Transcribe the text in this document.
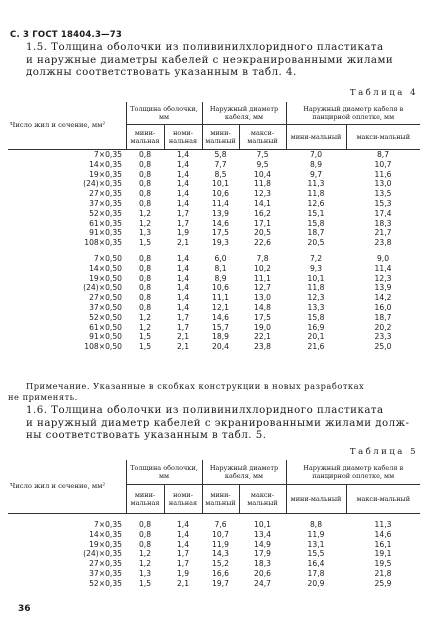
С. 3 ГОСТ 18404.3—73
1.5. Толщина оболочки из поливинилхлоридного пластиката
и наружные диаметры кабелей с неэкранированными жилами
должны соответствовать указанным в табл. 4.
Таблица 4
Число жил и сечение, мм²	Толщина оболочки, мм		Наружный диаметр кабеля, мм		Наружный диаметр кабеля в панцирной оплетке, мм	
	мини-мальная	номи-нальная	мини-мальный	макси-мальный	мини-мальный	макси-мальный
7×0,35	0,8	1,4	5,8	7,5	7,0	8,7
14×0,35	0,8	1,4	7,7	9,5	8,9	10,7
19×0,35	0,8	1,4	8,5	10,4	9,7	11,6
(24)×0,35	0,8	1,4	10,1	11,8	11,3	13,0
27×0,35	0,8	1,4	10,6	12,3	11,8	13,5
37×0,35	0,8	1,4	11,4	14,1	12,6	15,3
52×0,35	1,2	1,7	13,9	16,2	15,1	17,4
61×0,35	1,2	1,7	14,6	17,1	15,8	18,3
91×0,35	1,3	1,9	17,5	20,5	18,7	21,7
108×0,35	1,5	2,1	19,3	22,6	20,5	23,8

7×0,50	0,8	1,4	6,0	7,8	7,2	9,0
14×0,50	0,8	1,4	8,1	10,2	9,3	11,4
19×0,50	0,8	1,4	8,9	11,1	10,1	12,3
(24)×0,50	0,8	1,4	10,6	12,7	11,8	13,9
27×0,50	0,8	1,4	11,1	13,0	12,3	14,2
37×0,50	0,8	1,4	12,1	14,8	13,3	16,0
52×0,50	1,2	1,7	14,6	17,5	15,8	18,7
61×0,50	1,2	1,7	15,7	19,0	16,9	20,2
91×0,50	1,5	2,1	18,9	22,1	20,1	23,3
108×0,50	1,5	2,1	20,4	23,8	21,6	25,0
Примечание. Указанные в скобках конструкции в новых разработках
не применять.
1.6. Толщина оболочки из поливинилхлоридного пластиката
и наружный диаметр кабелей с экранированными жилами долж-
ны соответствовать указанным в табл. 5.
Таблица 5
Число жил и сечение, мм²	Толщина оболочки, мм		Наружный диаметр кабеля, мм		Наружный диаметр кабеля в панцирной оплетке, мм	
	мини-мальная	номи-нальная	мини-мальный	макси-мальный	мини-мальный	макси-мальный

7×0,35	0,8	1,4	7,6	10,1	8,8	11,3
14×0,35	0,8	1,4	10,7	13,4	11,9	14,6
19×0,35	0,8	1,4	11,9	14,9	13,1	16,1
(24)×0,35	1,2	1,7	14,3	17,9	15,5	19,1
27×0,35	1,2	1,7	15,2	18,3	16,4	19,5
37×0,35	1,3	1,9	16,6	20,6	17,8	21,8
52×0,35	1,5	2,1	19,7	24,7	20,9	25,9
36
